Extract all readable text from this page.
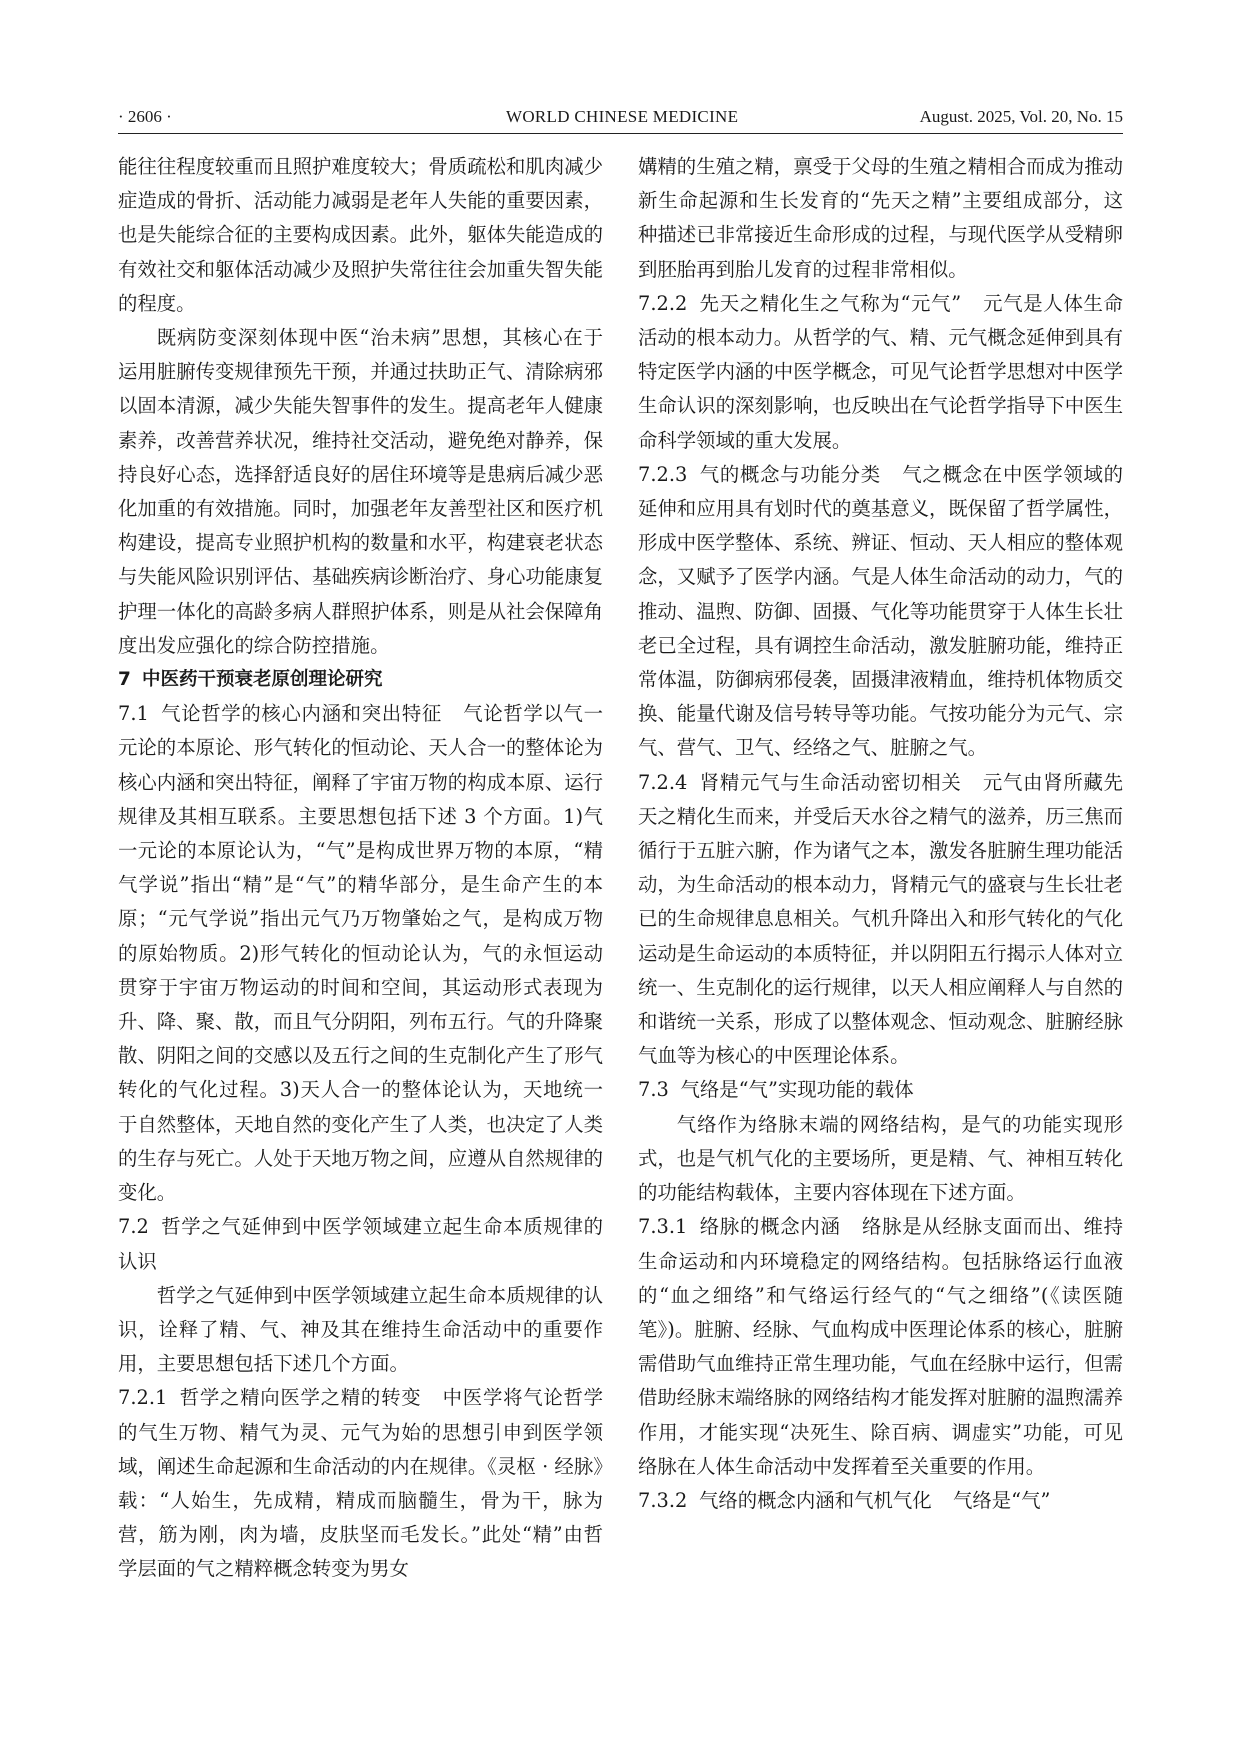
· 2606 ·	WORLD CHINESE MEDICINE	August. 2025, Vol. 20, No. 15

能往往程度较重而且照护难度较大；骨质疏松和肌肉减少症造成的骨折、活动能力减弱是老年人失能的重要因素，也是失能综合征的主要构成因素。此外，躯体失能造成的有效社交和躯体活动减少及照护失常往往会加重失智失能的程度。

既病防变深刻体现中医“治未病”思想，其核心在于运用脏腑传变规律预先干预，并通过扶助正气、清除病邪以固本清源，减少失能失智事件的发生。提高老年人健康素养，改善营养状况，维持社交活动，避免绝对静养，保持良好心态，选择舒适良好的居住环境等是患病后减少恶化加重的有效措施。同时，加强老年友善型社区和医疗机构建设，提高专业照护机构的数量和水平，构建衰老状态与失能风险识别评估、基础疾病诊断治疗、身心功能康复护理一体化的高龄多病人群照护体系，则是从社会保障角度出发应强化的综合防控措施。

7 中医药干预衰老原创理论研究

7.1 气论哲学的核心内涵和突出特征 气论哲学以气一元论的本原论、形气转化的恒动论、天人合一的整体论为核心内涵和突出特征，阐释了宇宙万物的构成本原、运行规律及其相互联系。主要思想包括下述 3 个方面。1)气一元论的本原论认为，“气”是构成世界万物的本原，“精气学说”指出“精”是“气”的精华部分，是生命产生的本原；“元气学说”指出元气乃万物肇始之气，是构成万物的原始物质。2)形气转化的恒动论认为，气的永恒运动贯穿于宇宙万物运动的时间和空间，其运动形式表现为升、降、聚、散，而且气分阴阳，列布五行。气的升降聚散、阴阳之间的交感以及五行之间的生克制化产生了形气转化的气化过程。3)天人合一的整体论认为，天地统一于自然整体，天地自然的变化产生了人类，也决定了人类的生存与死亡。人处于天地万物之间，应遵从自然规律的变化。

7.2 哲学之气延伸到中医学领域建立起生命本质规律的认识

哲学之气延伸到中医学领域建立起生命本质规律的认识，诠释了精、气、神及其在维持生命活动中的重要作用，主要思想包括下述几个方面。

7.2.1 哲学之精向医学之精的转变 中医学将气论哲学的气生万物、精气为灵、元气为始的思想引申到医学领域，阐述生命起源和生命活动的内在规律。《灵枢 · 经脉》载：“人始生，先成精，精成而脑髓生，骨为干，脉为营，筋为刚，肉为墙，皮肤坚而毛发长。”此处“精”由哲学层面的气之精粹概念转变为男女

媾精的生殖之精，禀受于父母的生殖之精相合而成为推动新生命起源和生长发育的“先天之精”主要组成部分，这种描述已非常接近生命形成的过程，与现代医学从受精卵到胚胎再到胎儿发育的过程非常相似。

7.2.2 先天之精化生之气称为“元气” 元气是人体生命活动的根本动力。从哲学的气、精、元气概念延伸到具有特定医学内涵的中医学概念，可见气论哲学思想对中医学生命认识的深刻影响，也反映出在气论哲学指导下中医生命科学领域的重大发展。

7.2.3 气的概念与功能分类 气之概念在中医学领域的延伸和应用具有划时代的奠基意义，既保留了哲学属性，形成中医学整体、系统、辨证、恒动、天人相应的整体观念，又赋予了医学内涵。气是人体生命活动的动力，气的推动、温煦、防御、固摄、气化等功能贯穿于人体生长壮老已全过程，具有调控生命活动，激发脏腑功能，维持正常体温，防御病邪侵袭，固摄津液精血，维持机体物质交换、能量代谢及信号转导等功能。气按功能分为元气、宗气、营气、卫气、经络之气、脏腑之气。

7.2.4 肾精元气与生命活动密切相关 元气由肾所藏先天之精化生而来，并受后天水谷之精气的滋养，历三焦而循行于五脏六腑，作为诸气之本，激发各脏腑生理功能活动，为生命活动的根本动力，肾精元气的盛衰与生长壮老已的生命规律息息相关。气机升降出入和形气转化的气化运动是生命运动的本质特征，并以阴阳五行揭示人体对立统一、生克制化的运行规律，以天人相应阐释人与自然的和谐统一关系，形成了以整体观念、恒动观念、脏腑经脉气血等为核心的中医理论体系。

7.3 气络是“气”实现功能的载体

气络作为络脉末端的网络结构，是气的功能实现形式，也是气机气化的主要场所，更是精、气、神相互转化的功能结构载体，主要内容体现在下述方面。

7.3.1 络脉的概念内涵 络脉是从经脉支面而出、维持生命运动和内环境稳定的网络结构。包括脉络运行血液的“血之细络”和气络运行经气的“气之细络”(《读医随笔》)。脏腑、经脉、气血构成中医理论体系的核心，脏腑需借助气血维持正常生理功能，气血在经脉中运行，但需借助经脉末端络脉的网络结构才能发挥对脏腑的温煦濡养作用，才能实现“决死生、除百病、调虚实”功能，可见络脉在人体生命活动中发挥着至关重要的作用。

7.3.2 气络的概念内涵和气机气化 气络是“气”
